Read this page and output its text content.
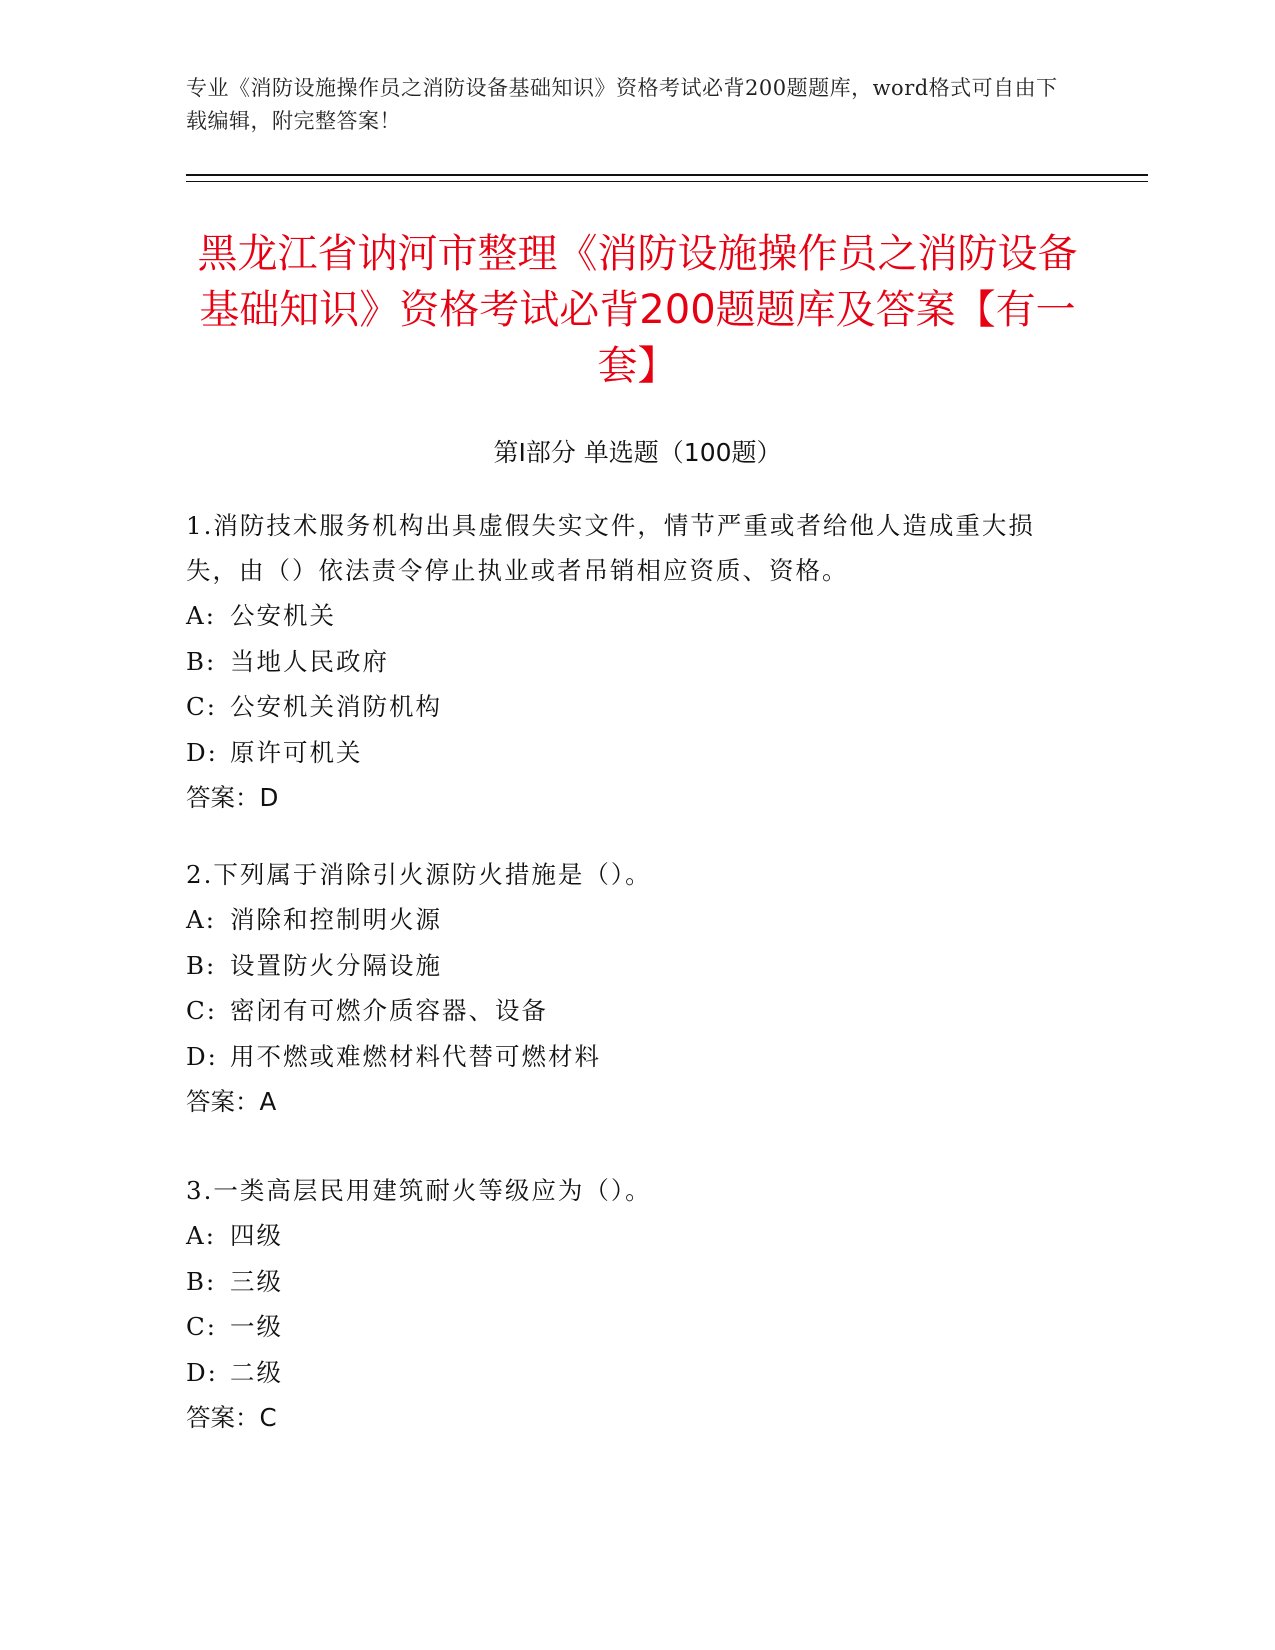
专业《消防设施操作员之消防设备基础知识》资格考试必背200题题库，word格式可自由下载编辑，附完整答案！
黑龙江省讷河市整理《消防设施操作员之消防设备基础知识》资格考试必背200题题库及答案【有一套】
第I部分 单选题（100题）

1.消防技术服务机构出具虚假失实文件，情节严重或者给他人造成重大损失，由（）依法责令停止执业或者吊销相应资质、资格。

A: 公安机关

B: 当地人民政府

C: 公安机关消防机构

D: 原许可机关

答案：D

2.下列属于消除引火源防火措施是（）。

A: 消除和控制明火源

B: 设置防火分隔设施

C: 密闭有可燃介质容器、设备

D: 用不燃或难燃材料代替可燃材料

答案：A

3.一类高层民用建筑耐火等级应为（）。

A: 四级

B: 三级

C: 一级

D: 二级

答案：C
